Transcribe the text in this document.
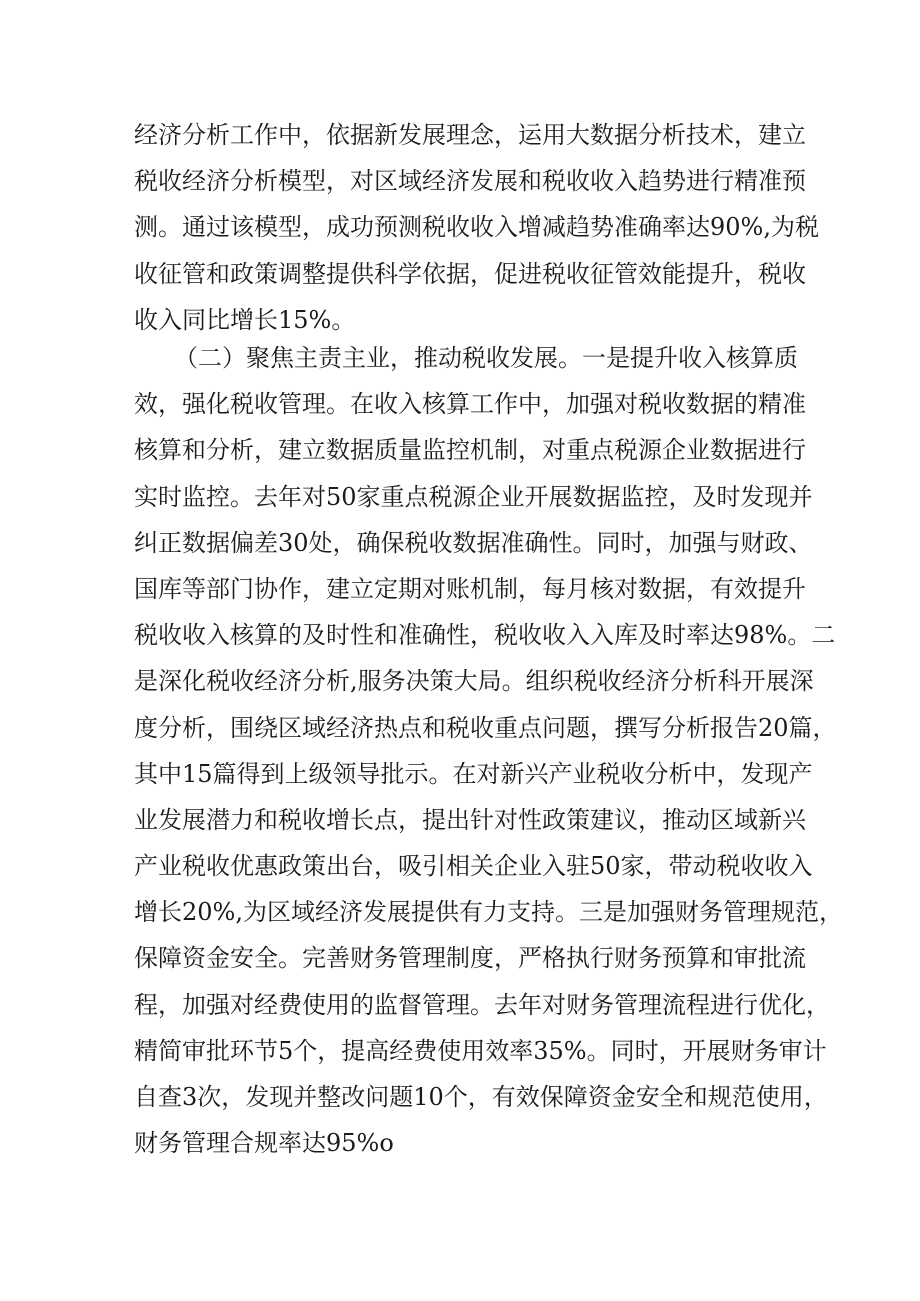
经济分析工作中，依据新发展理念，运用大数据分析技术，建立
税收经济分析模型，对区域经济发展和税收收入趋势进行精准预
测。通过该模型，成功预测税收收入增减趋势准确率达90%,为税
收征管和政策调整提供科学依据，促进税收征管效能提升，税收
收入同比增长15%。
（二）聚焦主责主业，推动税收发展。一是提升收入核算质
效，强化税收管理。在收入核算工作中，加强对税收数据的精准
核算和分析，建立数据质量监控机制，对重点税源企业数据进行
实时监控。去年对50家重点税源企业开展数据监控，及时发现并
纠正数据偏差30处，确保税收数据准确性。同时，加强与财政、
国库等部门协作，建立定期对账机制，每月核对数据，有效提升
税收收入核算的及时性和准确性，税收收入入库及时率达98%。二
是深化税收经济分析,服务决策大局。组织税收经济分析科开展深
度分析，围绕区域经济热点和税收重点问题，撰写分析报告20篇，
其中15篇得到上级领导批示。在对新兴产业税收分析中，发现产
业发展潜力和税收增长点，提出针对性政策建议，推动区域新兴
产业税收优惠政策出台，吸引相关企业入驻50家，带动税收收入
增长20%,为区域经济发展提供有力支持。三是加强财务管理规范，
保障资金安全。完善财务管理制度，严格执行财务预算和审批流
程，加强对经费使用的监督管理。去年对财务管理流程进行优化，
精简审批环节5个，提高经费使用效率35%。同时，开展财务审计
自查3次，发现并整改问题10个，有效保障资金安全和规范使用，
财务管理合规率达95%o
